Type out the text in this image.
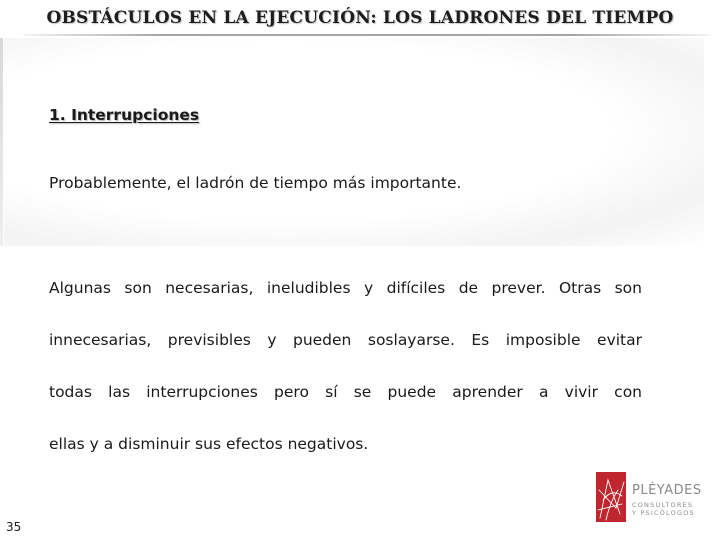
OBSTÁCULOS EN LA EJECUCIÓN: LOS LADRONES DEL TIEMPO
1. Interrupciones
Probablemente, el ladrón de tiempo más importante.
Algunas son necesarias, ineludibles y difíciles de prever. Otras son
innecesarias, previsibles y pueden soslayarse. Es imposible evitar
todas las interrupciones pero sí se puede aprender a vivir con
ellas y a disminuir sus efectos negativos.
35
PLÉYADES
CONSULTORES
Y PSICÓLOGOS
